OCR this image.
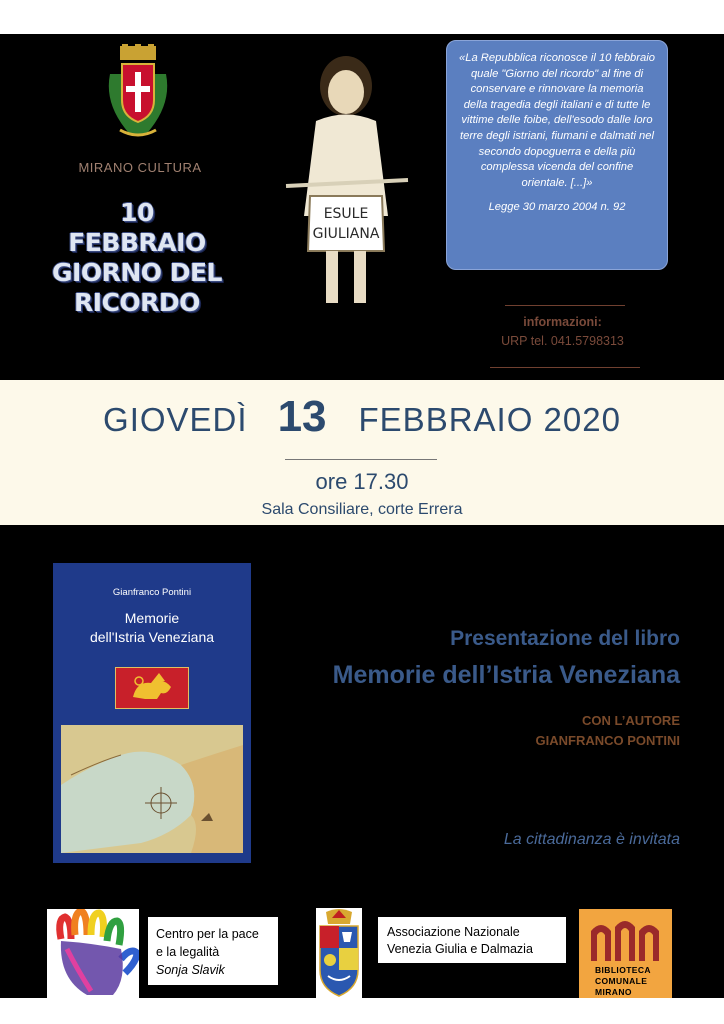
MIRANO CULTURA
10 FEBBRAIO
GIORNO DEL
RICORDO
ESULE
GIULIANA
«La Repubblica riconosce il 10 febbraio quale "Giorno del ricordo" al fine di conservare e rinnovare la memoria della tragedia degli italiani e di tutte le vittime delle foibe, dell'esodo dalle loro terre degli istriani, fiumani e dalmati nel secondo dopoguerra e della più complessa vicenda del confine orientale. [...]»
Legge 30 marzo 2004 n. 92
informazioni:
URP tel. 041.5798313
GIOVEDÌ 13 FEBBRAIO 2020
ore 17.30
Sala Consiliare, corte Errera
Gianfranco Pontini
Memorie
dell'Istria Veneziana	Presentazione del libro
Memorie dell’Istria Veneziana
CON L’AUTORE
GIANFRANCO PONTINI
La cittadinanza è invitata
Centro per la pace
e la legalità
Sonja Slavik
Associazione Nazionale
Venezia Giulia e Dalmazia
BIBLIOTECA
COMUNALE
MIRANO
